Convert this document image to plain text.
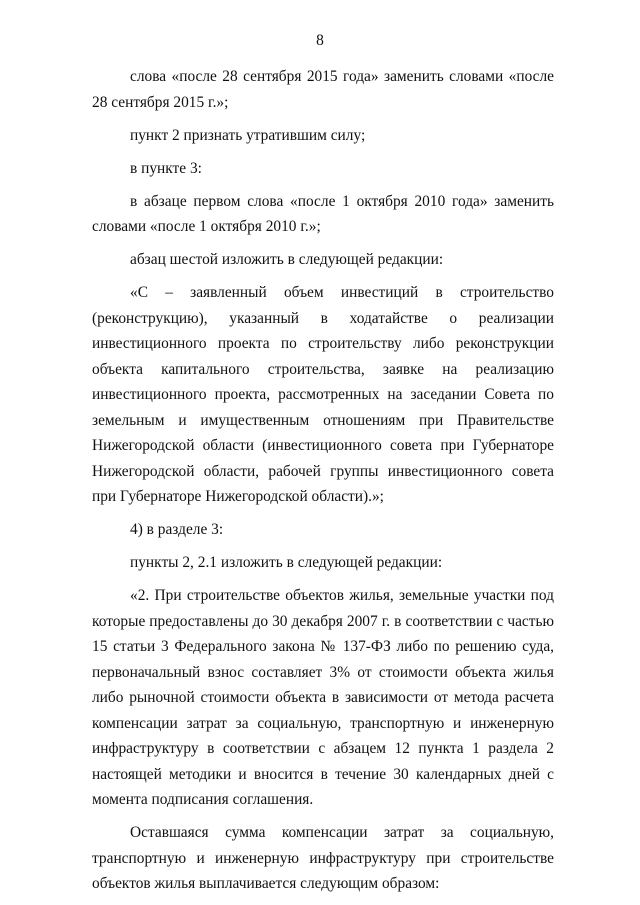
8

слова «после 28 сентября 2015 года» заменить словами «после 28 сентября 2015 г.»;

пункт 2 признать утратившим силу;

в пункте 3:

в абзаце первом слова «после 1 октября 2010 года» заменить словами «после 1 октября 2010 г.»;

абзац шестой изложить в следующей редакции:

«С – заявленный объем инвестиций в строительство (реконструкцию), указанный в ходатайстве о реализации инвестиционного проекта по строительству либо реконструкции объекта капитального строительства, заявке на реализацию инвестиционного проекта, рассмотренных на заседании Совета по земельным и имущественным отношениям при Правительстве Нижегородской области (инвестиционного совета при Губернаторе Нижегородской области, рабочей группы инвестиционного совета при Губернаторе Нижегородской области).»;

4) в разделе 3:

пункты 2, 2.1 изложить в следующей редакции:

«2. При строительстве объектов жилья, земельные участки под которые предоставлены до 30 декабря 2007 г. в соответствии с частью 15 статьи 3 Федерального закона № 137-ФЗ либо по решению суда, первоначальный взнос составляет 3% от стоимости объекта жилья либо рыночной стоимости объекта в зависимости от метода расчета компенсации затрат за социальную, транспортную и инженерную инфраструктуру в соответствии с абзацем 12 пункта 1 раздела 2 настоящей методики и вносится в течение 30 календарных дней с момента подписания соглашения.

Оставшаяся сумма компенсации затрат за социальную, транспортную и инженерную инфраструктуру при строительстве объектов жилья выплачивается следующим образом:
